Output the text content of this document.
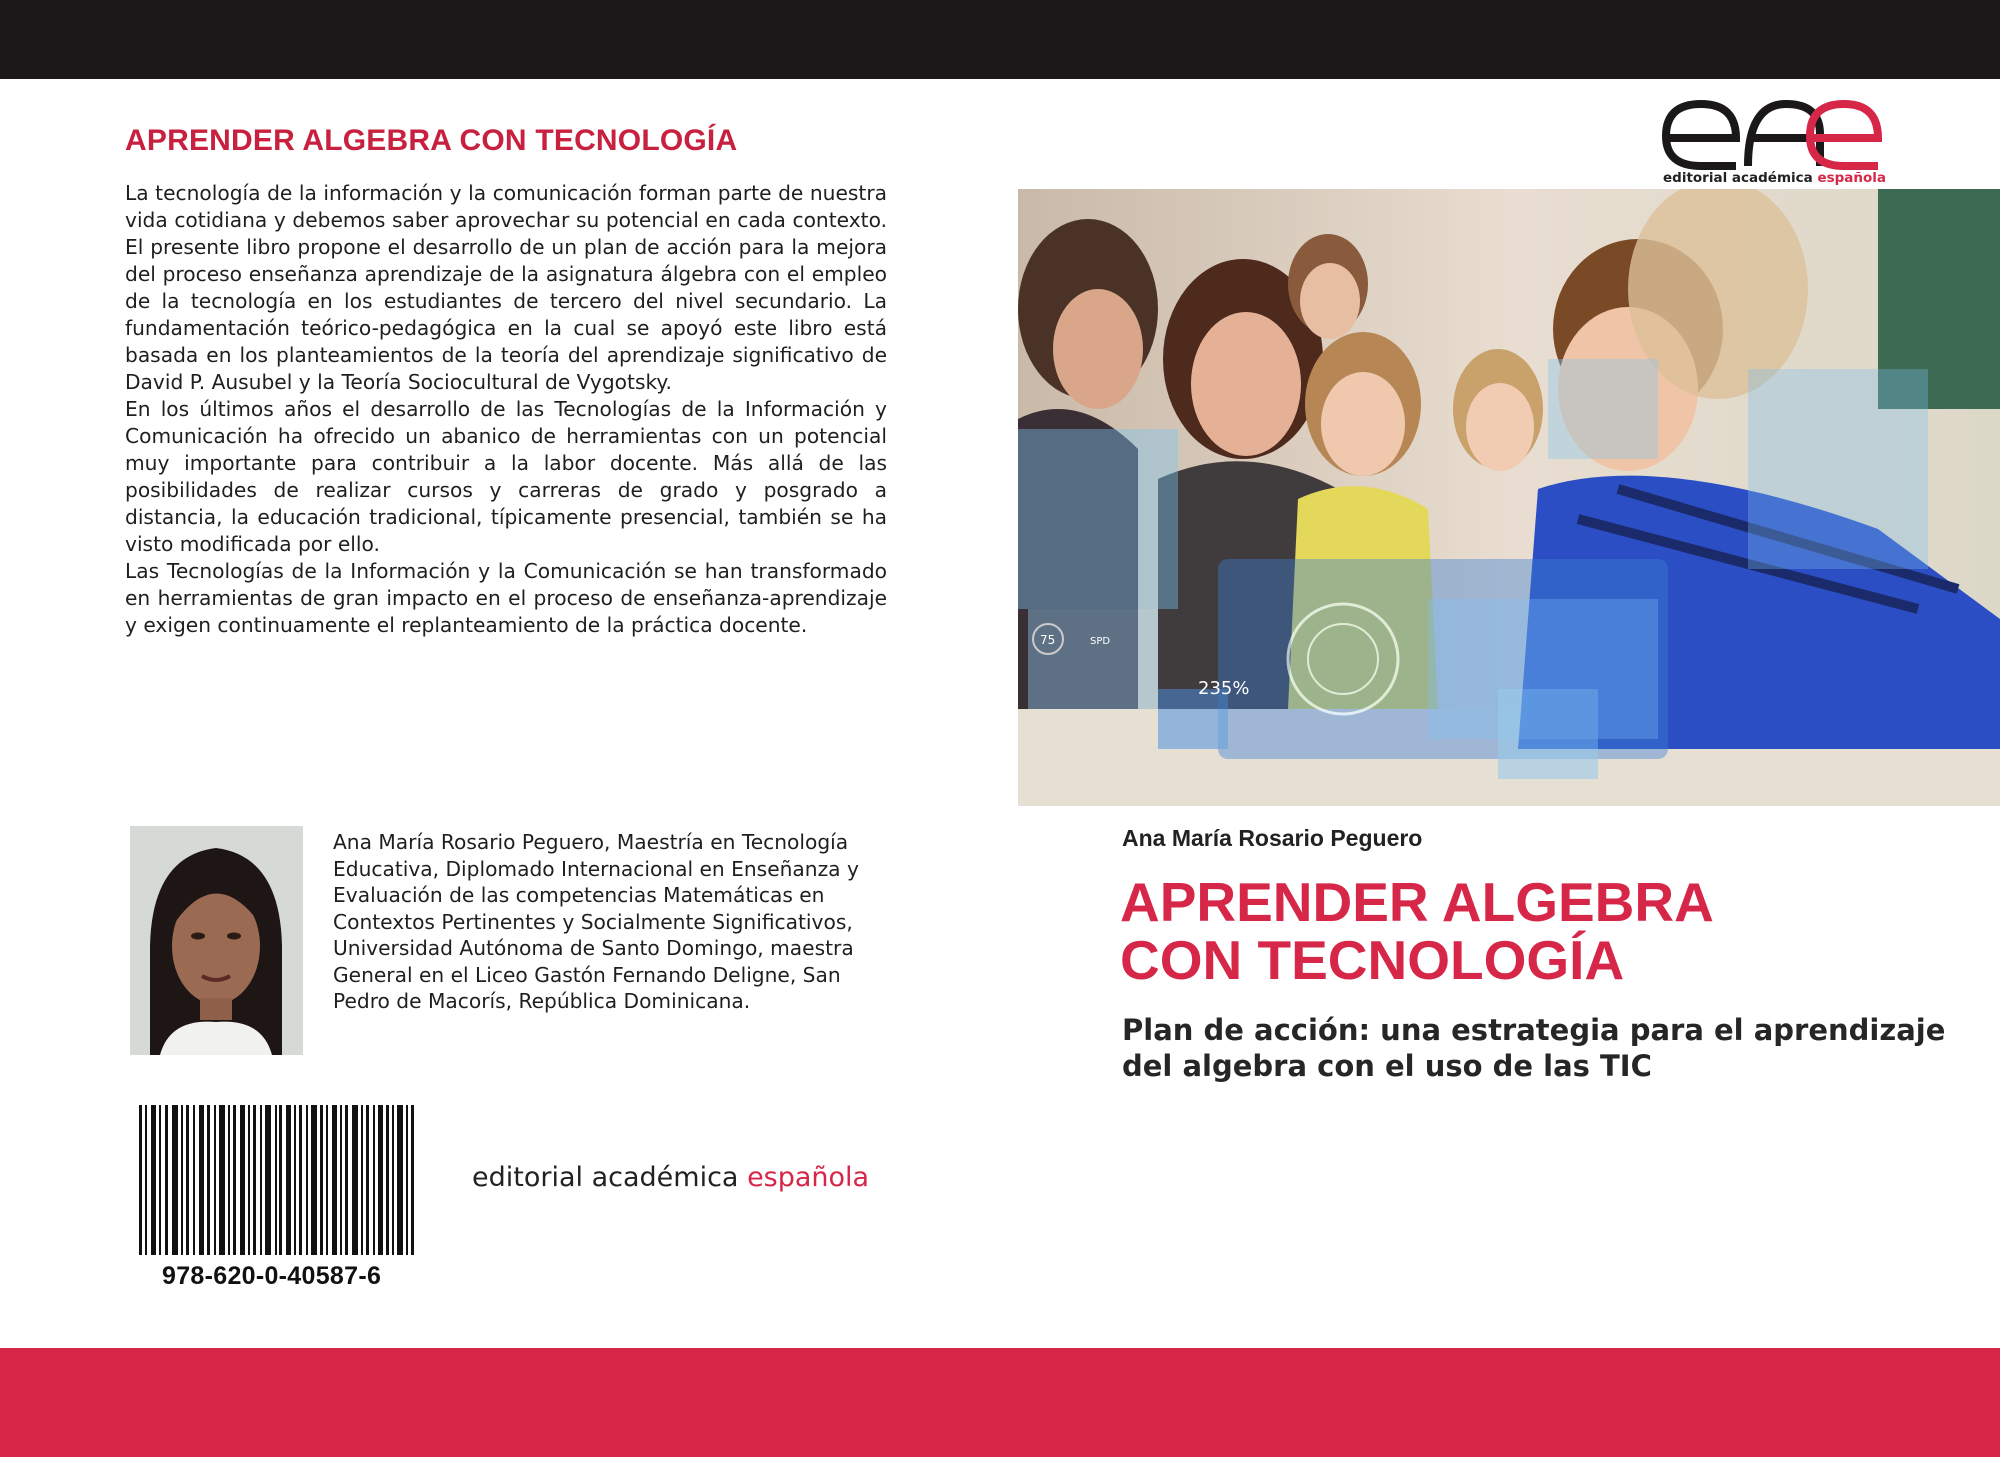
APRENDER ALGEBRA CON TECNOLOGÍA

La tecnología de la información y la comunicación forman parte de nuestra vida cotidiana y debemos saber aprovechar su potencial en cada contexto. El presente libro propone el desarrollo de un plan de acción para la mejora del proceso enseñanza aprendizaje de la asignatura álgebra con el empleo de la tecnología en los estudiantes de tercero del nivel secundario. La fundamentación teórico-pedagógica en la cual se apoyó este libro está basada en los planteamientos de la teoría del aprendizaje significativo de David P. Ausubel y la Teoría Sociocultural de Vygotsky.

En los últimos años el desarrollo de las Tecnologías de la Información y Comunicación ha ofrecido un abanico de herramientas con un potencial muy importante para contribuir a la labor docente. Más allá de las posibilidades de realizar cursos y carreras de grado y posgrado a distancia, la educación tradicional, típicamente presencial, también se ha visto modificada por ello.

Las Tecnologías de la Información y la Comunicación se han transformado en herramientas de gran impacto en el proceso de enseñanza-aprendizaje y exigen continuamente el replanteamiento de la práctica docente.

Ana María Rosario Peguero, Maestría en Tecnología Educativa, Diplomado Internacional en Enseñanza y Evaluación de las competencias Matemáticas en Contextos Pertinentes y Socialmente Significativos, Universidad Autónoma de Santo Domingo, maestra General en el Liceo Gastón Fernando Deligne, San Pedro de Macorís, República Dominicana.
978-620-0-40587-6
editorial académica española
editorial académica española
235%
75	SPD
Ana María Rosario Peguero
APRENDER ALGEBRA
CON TECNOLOGÍA
Plan de acción: una estrategia para el aprendizaje del algebra con el uso de las TIC
